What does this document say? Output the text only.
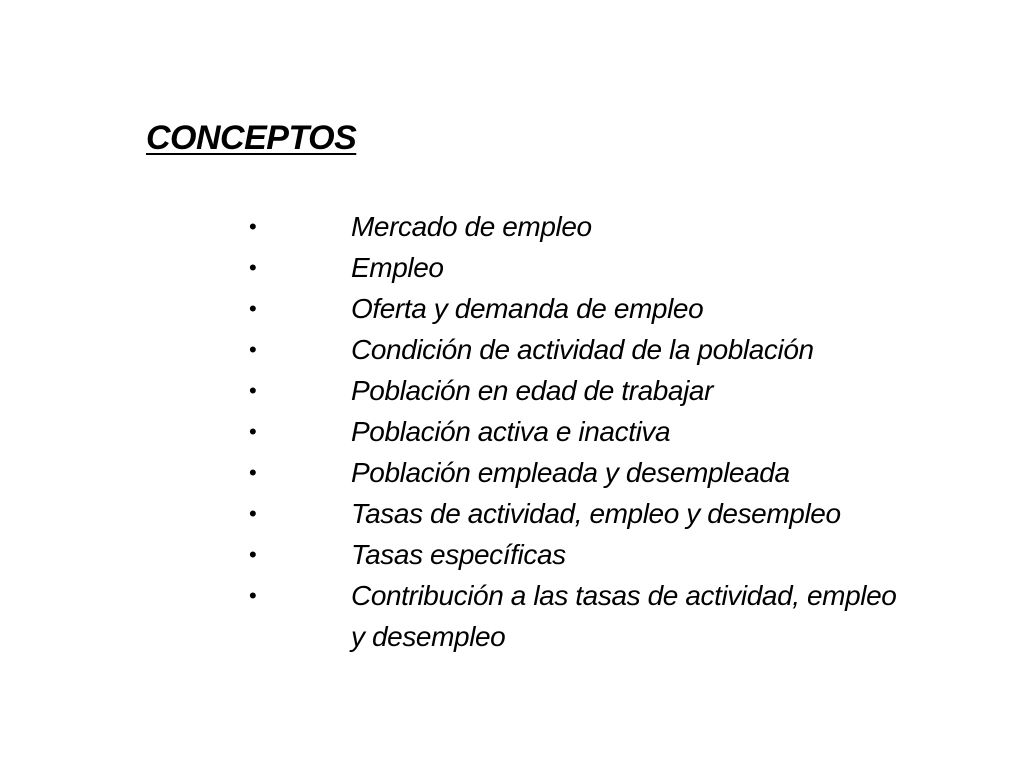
CONCEPTOS
•	Mercado de empleo
•	Empleo
•	Oferta y demanda de empleo
•	Condición de actividad de la población
•	Población en edad de trabajar
•	Población activa e inactiva
•	Población empleada y desempleada
•	Tasas de actividad, empleo y desempleo
•	Tasas específicas
•	Contribución a las tasas de actividad, empleo y desempleo
